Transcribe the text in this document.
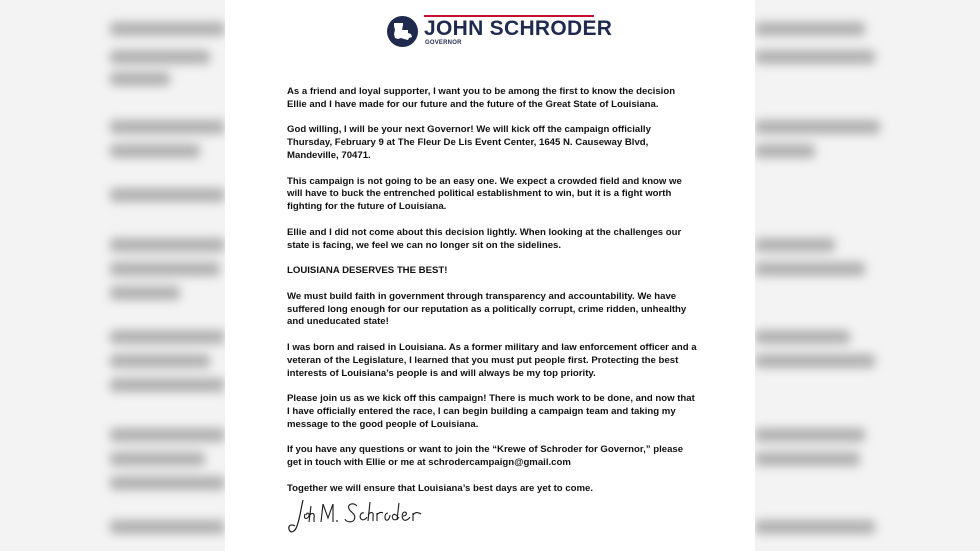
JOHN SCHRODER
GOVERNOR

As a friend and loyal supporter, I want you to be among the first to know the decision Ellie and I have made for our future and the future of the Great State of Louisiana.

God willing, I will be your next Governor! We will kick off the campaign officially Thursday, February 9 at The Fleur De Lis Event Center, 1645 N. Causeway Blvd, Mandeville, 70471.

This campaign is not going to be an easy one. We expect a crowded field and know we will have to buck the entrenched political establishment to win, but it is a fight worth fighting for the future of Louisiana.

Ellie and I did not come about this decision lightly. When looking at the challenges our state is facing, we feel we can no longer sit on the sidelines.

LOUISIANA DESERVES THE BEST!

We must build faith in government through transparency and accountability. We have suffered long enough for our reputation as a politically corrupt, crime ridden, unhealthy and uneducated state!

I was born and raised in Louisiana. As a former military and law enforcement officer and a veteran of the Legislature, I learned that you must put people first. Protecting the best interests of Louisiana’s people is and will always be my top priority.

Please join us as we kick off this campaign! There is much work to be done, and now that I have officially entered the race, I can begin building a campaign team and taking my message to the good people of Louisiana.

If you have any questions or want to join the “Krewe of Schroder for Governor,” please get in touch with Ellie or me at schrodercampaign@gmail.com

Together we will ensure that Louisiana’s best days are yet to come.
